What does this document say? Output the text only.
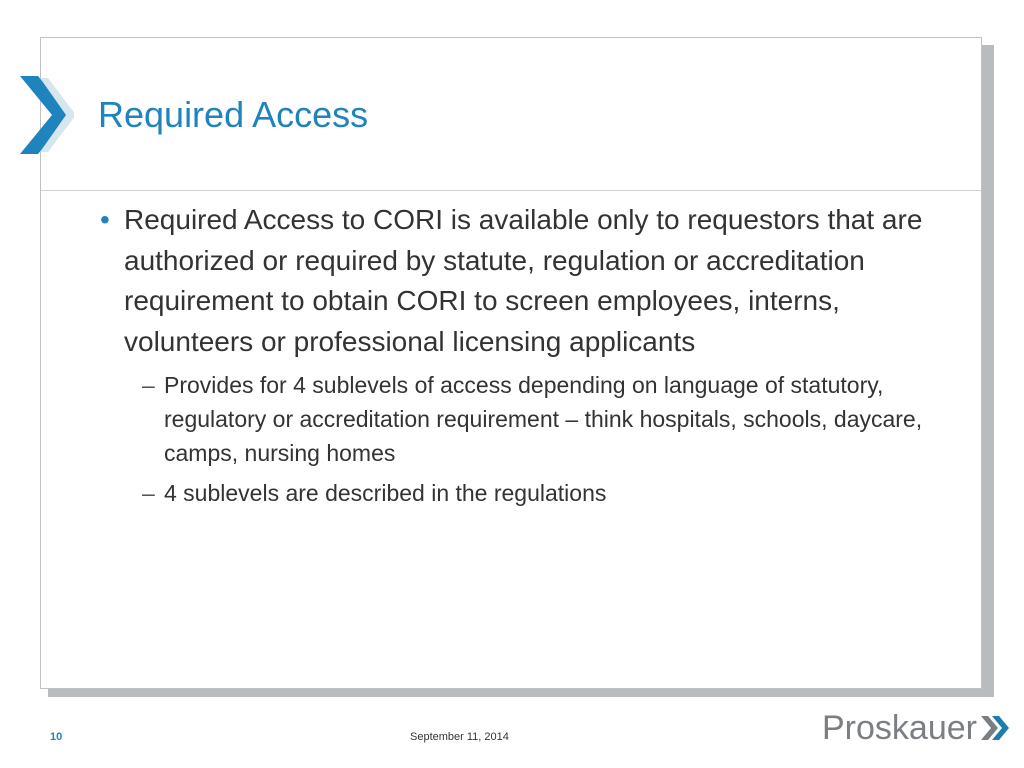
Required Access
• Required Access to CORI is available only to requestors that are authorized or required by statute, regulation or accreditation requirement to obtain CORI to screen employees, interns, volunteers or professional licensing applicants
– Provides for 4 sublevels of access depending on language of statutory, regulatory or accreditation requirement – think hospitals, schools, daycare, camps, nursing homes
– 4 sublevels are described in the regulations
10	September 11, 2014	Proskauer
